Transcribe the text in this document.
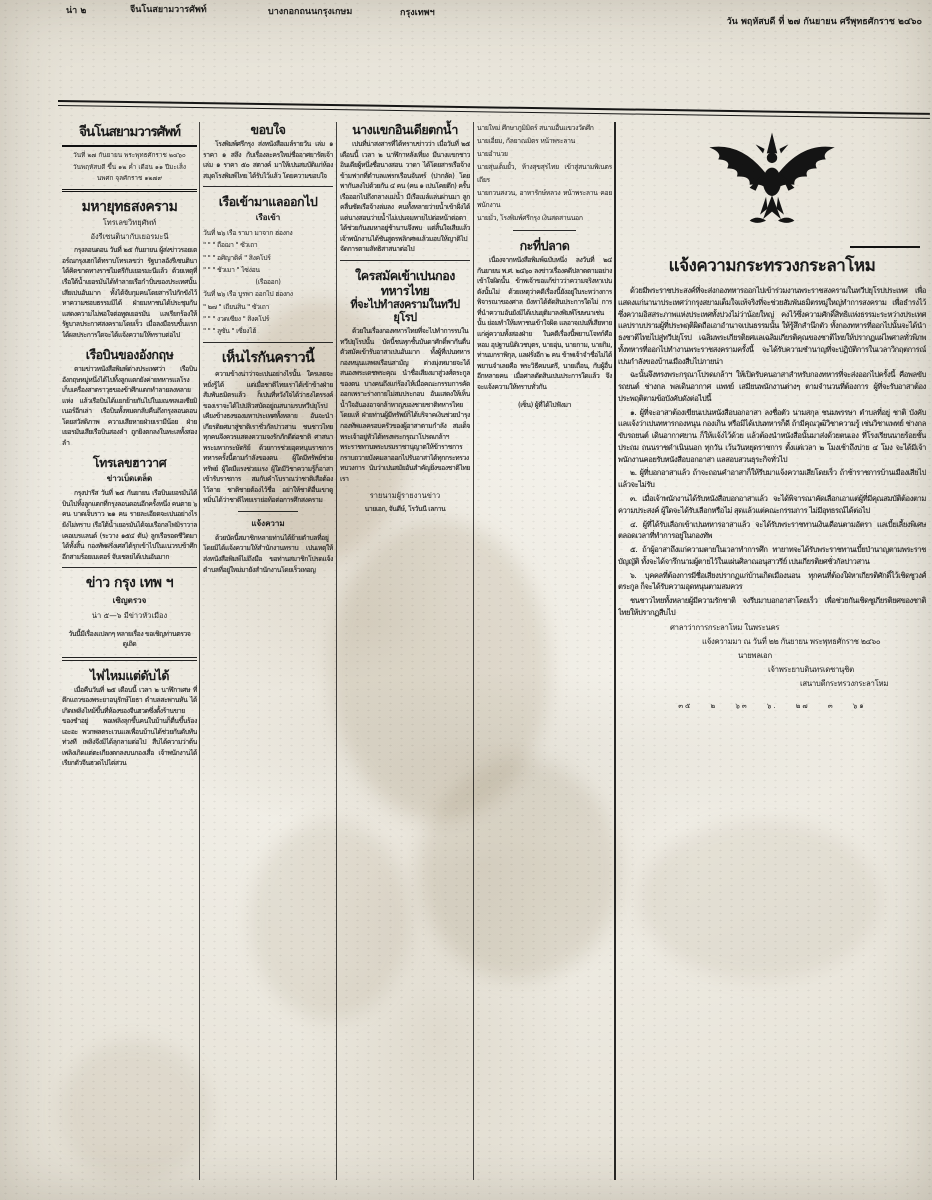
น่า ๒	จีนโนสยามวารศัพท์	บางกอกถนนกรุงเกษม	กรุงเทพฯ
วัน พฤหัสบดี ที่ ๒๗ กันยายน ศรีพุทธศักราช ๒๔๖๐
จีนโนสยามวารศัพท์
วันที่ ๒๗ กันยายน พระพุทธศักราช ๒๔๖๐
วันพฤหัสบดี ขึ้น ๑๒ ค่ำ เดือน ๑๑ ปีมะเส็ง
นพศก จุลศักราช ๑๒๗๙
มหายุทธสงคราม
โทรเลขวิทยุศัพท์
อังรีเซนตินากับเยอรมะนี

กรุงลอนดอน วันที่ ๒๕ กันยายน ผู้ส่งข่าวรอยเตอร์ณกรุงเฮกได้ทราบโทรเลขว่า รัฐบาลอังรีเซนตินาได้คิดขาดทางราชไมตรีกับเยอรมะนีแล้ว ด้วยเหตุที่เรือใต้น้ำเยอรมันได้ทำลายเรือกำปั่นของประเทศนั้นเสียเปนอันมาก ทั้งได้จับกุมคนโดยสารไปกักขังไว้หาความชอบธรรมมิได้ ฝ่ายมหาชนได้ประชุมกันแสดงความไม่พอใจต่อทูตเยอรมัน แลเรียกร้องให้รัฐบาลประกาศสงครามโดยเร็ว เมื่อลงมือรบขั้นแรกได้ผลประการใดจะได้แจ้งความให้ทราบต่อไป

เรือบินของอังกฤษ

ตามข่าวหนังสือพิมพ์ต่างประเทศว่า เรือบินอังกฤษหมู่หนึ่งได้ไปทิ้งลูกแตกยังค่ายทหารแลโรงเก็บเครื่องสาตราวุธของข้าศึกแตกทำลายลงหลายแห่ง แล้วเรือบินได้แยกย้ายกันไปในมณฑลเอเซียมิเนอร์อีกเล่า เรือบินทั้งหมดกลับคืนถึงกรุงลอนดอนโดยสวัสดิภาพ ความเสียหายฝ่ายเรามีน้อย ฝ่ายเยอรมันเสียเรือบินสองลำ ถูกยิงตกลงในทะเลทั้งสองลำ

โทรเลขฮาวาศ
ข่าวเบ็ดเตล็ด

กรุงปารีส วันที่ ๒๕ กันยายน เรือบินเยอรมันได้บินไปทิ้งลูกแตกที่กรุงลอนดอนอีกครั้งหนึ่ง คนตาย ๖ คน บาดเจ็บราว ๒๑ คน รายละเอียดจะเปนอย่างไรยังไม่ทราบ เรือใต้น้ำเยอรมันได้จมเรือกลไฟมิราวาลเคอเบรแลนด์ (ระวาง ๑๕๔ ตัน) ลูกเรือรอดชีวิตมาได้ทั้งสิ้น กองทัพฝรั่งเศสได้รุกเข้าไปในแนวรบข้าศึกอีกสามร้อยเมเตอร์ จับเชลยได้เปนอันมาก

ข่าว กรุง เทพ ฯ
เชิญตรวจ
น่า ๕—๖ มีข่าวหัวเมือง

วันนี้มีเรื่องแปลกๆ หลายเรื่อง ขอเชิญท่านตรวจดูเถิด

ไฟไหมแต่ดับได้

เมื่อคืนวันที่ ๒๕ เดือนนี้ เวลา ๒ นาฬิกาเศษ ที่ตึกแถวของพระยาอนุรักษ์โยธา ตำบลสะพานหัน ได้เกิดเพลิงไหม้ขึ้นที่ห้องของจีนฮวดซึ่งตั้งร้านขายของชำอยู่ พอเพลิงลุกขึ้นคนในบ้านก็ตื่นขึ้นร้องเอะอะ พวกพลตระเวนแลเพื่อนบ้านได้ช่วยกันดับทันท่วงที เพลิงจึงมิได้ลุกลามต่อไป สืบได้ความว่าต้นเพลิงเกิดแต่ตะเกียงตกลงบนกองเสื่อ เจ้าพนักงานได้เรียกตัวจีนฮวดไปไต่สวน

ขอบใจ

โรงพิมพ์ศรีกรุง ส่งหนังสือเมล์รายวัน เล่ม ๑ ราคา ๑ สลึง กับเรื่องละครใหม่ชื่ออาศยารัตเจ้า เล่ม ๑ ราคา ๕๐ สตางค์ มาให้เปนสมบัติแก่ห้องสมุดโรงพิมพ์ไทย ได้รับไว้แล้ว โดยความขอบใจ

เรือเข้ามาแลออกไป
เรือเข้า
วันที่ ๒๖ เรือ รามา มาจาก ฮ่องกง
" " " ถือฌา " ซัวเถา
" " " อศิญาติค์ " สิงคโปร์
" " " ชัวเมา " ไซ่ง่อน
(เรือออก)
วันที่ ๒๖ เรือ บูรพา ออกไป ฮ่องกง
" ๒๗ " เถียนสิน " ซัวเถา
" " " งวดเซียง " สิงคโปร์
" " " ลูซัน " เซี่ยงไฮ้
เห็นไรกันคราวนี้

ความข้างน่าว่าจะเปนอย่างไรนั้น ใครเลยจะหยั่งรู้ได้ แต่เมื่อชาติไทยเราได้เข้าข้างฝ่ายสัมพันธมิตรแล้ว ก็เปนที่หวังใจได้ว่าธงไตรรงค์ของเราจะได้ไปปลิวสบัดอยู่ณสนามรบทวีปยุโรป เคียงข้างธงของมหาประเทศทั้งหลาย อันจะนำเกียรติยศมาสู่ชาติเราชั่วกัลปาวสาน ชนชาวไทยทุกคนจึงควรแสดงความจงรักภักดีต่อชาติ ศาสนา พระมหากระษัตริย์ ด้วยการช่วยอุดหนุนราชการทหารครั้งนี้ตามกำลังของตน ผู้ใดมีทรัพย์ช่วยทรัพย์ ผู้ใดมีแรงช่วยแรง ผู้ใดมีวิชาความรู้ก็อาสาเข้ารับราชการ สมกับคำโบราณว่าชาติเสือต้องไว้ลาย ชาติชายต้องไว้ชื่อ อย่าให้ชาติอื่นเขาดูหมิ่นได้ว่าชาติไทยเราย่อท้อต่อการศึกสงคราม

แจ้งความ

ด้วยบัดนี้สมาชิกหลายท่านได้ย้ายตำบลที่อยู่ โดยมิได้แจ้งความให้สำนักงานทราบ เปนเหตุให้ส่งหนังสือพิมพ์ไม่ถึงมือ ขอท่านสมาชิกโปรดแจ้งตำบลที่อยู่ใหม่มายังสำนักงานโดยเร็วเทอญ

นางแขกอินเดียตกน้ำ

เปนที่น่าสงสารที่ได้ทราบข่าวว่า เมื่อวันที่ ๒๕ เดือนนี้ เวลา ๒ นาฬิกาหลังเที่ยง มีนางแขกชาวอินเดียผู้หนึ่งชื่อนางสอน วาดา ได้โดยสารเรือจ้างข้ามฟากที่ตำบลแพรกเรือนจันทร์ (ปากลัด) โดยพากันลงไปด้วยกัน ๔ คน (คน ๑ เปนโคยตึก) ครั้นเรือออกไปถึงกลางแม่น้ำ มีเรือเมล์แล่นผ่านมา ลูกคลื่นซัดเรือจ้างล่มลง คนทั้งหลายว่ายน้ำเข้าฝั่งได้ แต่นางสอนว่ายน้ำไม่เปนจมหายไปต่อหน้าต่อตา ได้ช่วยกันงมหาอยู่ช้านานจึงพบ แต่สิ้นใจเสียแล้ว เจ้าพนักงานได้ชันสูตรพลิกศพแล้วมอบให้ญาติไปจัดการตามลัทธิสาสนาต่อไป

ใครสมัคเข้าเปนกองทหารไทย
ที่จะไปทำสงครามในทวีปยุโรป

ด้วยในเรื่องกองทหารไทยที่จะไปทำการรบในทวีปยุโรปนั้น บัดนี้ชนทุกชั้นบันดาศักดิ์พากันตื่นตัวสมัคเข้ารับอาสาเปนอันมาก ทั้งผู้ที่เปนทหารกองหนุนแลพลเรือนสามัญ ต่างมุ่งหมายจะได้สนองพระเดชพระคุณ นำชื่อเสียงมาสู่วงศ์ตระกูลของตน บางคนถึงแก่ร้องไห้เมื่อคณะกรรมการคัดออกเพราะร่างกายไม่สมประกอบ อันแสดงให้เห็นน้ำใจอันองอาจกล้าหาญของชายชาติทหารไทยโดยแท้ ฝ่ายท่านผู้มีทรัพย์ก็ได้บริจาคเงินช่วยบำรุงกองทัพแลครอบครัวของผู้อาสาตามกำลัง สมเด็จพระเจ้าอยู่หัวได้ทรงพระกรุณาโปรดเกล้าฯ พระราชทานพระบรมราชานุญาตให้ข้าราชการกราบถวายบังคมลาออกไปรับอาสาได้ทุกกระทรวงทบวงการ นับว่าเปนสมัยอันสำคัญยิ่งของชาติไทยเรา

รายนามผู้รายงานข่าว
นายเอก, จันดีษ์, โรวันนี เลกาน
นายใหม่ ศึกษาภูมิมิตร์ สนามอื่นแขวงวัดศึก
นายเอี่ยม, กัลยาณมิตร หน้าพระลาน
นายอำนวย
นายสุ่นเต็มยั้ว, ห้างสุขสุรไทย เข้าสู่สนามพิเนตรเถียร
นายกวนสงวน, อาหารักษ์หลวง หน้าพระลาน คอยพนักงาน
นายมั่ว, โรงพิมพ์ศรีกรุง เงินสดสานนอก
กะที่ปลาด

เนื่องจากหนังสือพิมพ์ฉบับหนึ่ง ลงวันที่ ๒๔ กันยายน พ.ศ. ๒๔๖๐ ลงข่าวเรื่องคดีปลาดตามอย่างเข้าใจผิดนั้น ข้าพเจ้าขอแก้ข่าวว่าความจริงหาเปนดังนั้นไม่ ด้วยเหตุว่าคดีเรื่องนี้ยังอยู่ในระหว่างการพิจารณาของศาล ยังหาได้ตัดสินประการใดไม่ การที่นำความอันยังมิได้เปนยุติมาลงพิมพ์โฆษนาเช่นนั้น ย่อมทำให้มหาชนเข้าใจผิด แลอาจเปนที่เสียหายแก่คู่ความทั้งสองฝ่าย ในคดีเรื่องนี้พยานโจทก์คือ หอม อุปฐานนิติเวชบุตร, นายอุ่น, นายกาม, นายกิม, ท่านมกราพิกุล, แลฝรั่งอีก ๒ คน ข้าพเจ้าจำชื่อไม่ได้ พยานจำเลยคือ พระวิธีคมนตรี, นายเถื่อน, กับผู้อื่นอีกหลายคน เมื่อศาลตัดสินเปนประการใดแล้ว จึงจะแจ้งความให้ทราบทั่วกัน

(เซ็น) ผู้ที่ได้ไปฟังมา
แจ้งความกระทรวงกระลาโหม

ด้วยมีพระราชประสงค์ที่จะส่งกองทหารออกไปเข้าร่วมงานพระราชสงครามในทวีปยุโรปประเทศ เพื่อแสดงแก่นานาประเทศว่ากรุงสยามเต็มใจแท้จริงที่จะช่วยสัมพันธมิตรหมู่ใหญ่ทำการสงคราม เพื่อธำรงไว้ซึ่งความอิสสระภาพแห่งประเทศทั้งปวงไม่ว่าน้อยใหญ่ คงไว้ซึ่งความศักดิ์สิทธิแห่งธรรมะระหว่างประเทศ แลปราบปรามผู้ที่ประพฤติผิดถือเอาอำนาจเปนธรรมนั้น ให้รู้สึกสำนึกตัว ทั้งกองทหารที่ออกไปนั้นจะได้นำธงชาติไทยไปสู่ทวีปยุโรป เฉลิมพระเกียรติยศแลเฉลิมเกียรติคุณของชาติไทยให้ปรากฏแผ่ไพศาลทั่วพิภพ ทั้งทหารที่ออกไปทำงานพระราชสงครามครั้งนี้ จะได้รับความชำนาญที่จะปฏิบัติการในเวลาวิกฤตการณ์ เปนกำลังของบ้านเมืองสืบไปภายน่า

ฉะนั้นจึงทรงพระกรุณาโปรดเกล้าฯ ให้เปิดรับคนอาสาสำหรับกองทหารที่จะส่งออกไปครั้งนี้ คือพลขับรถยนต์ ช่างกล พลเดินอากาศ แพทย์ เสมียนพนักงานต่างๆ ตามจำนวนที่ต้องการ ผู้ที่จะรับอาสาต้องประพฤติตามข้อบังคับดังต่อไปนี้

๑. ผู้ที่จะอาสาต้องเขียนเปนหนังสือบอกอาสา ลงชื่อตัว นามสกุล ชนมพรรษา ตำบลที่อยู่ ชาติ บังคับ แลแจ้งว่าเปนทหารกองหนุน กองเกิน หรือมิได้เปนทหารก็ดี ถ้ามีคุณวุฒิวิชาความรู้ เช่นวิชาแพทย์ ช่างกล ขับรถยนต์ เดินอากาศยาน ก็ให้แจ้งไว้ด้วย แล้วต้องนำหนังสือนั้นมาส่งด้วยตนเอง ที่โรงเรียนนายร้อยชั้นประถม ถนนราชดำเนินนอก ทุกวัน เว้นวันหยุดราชการ ตั้งแต่เวลา ๒ โมงเช้าถึงบ่าย ๔ โมง จะได้มีเจ้าพนักงานคอยรับหนังสือบอกอาสา แลสอบสวนธุระกิจทั่วไป

๒. ผู้ที่บอกอาสาแล้ว ถ้าจะถอนคำอาสาก็ให้รีบมาแจ้งความเสียโดยเร็ว ถ้าช้าราชการบ้านเมืองเสียไปแล้วจะไม่รับ

๓. เมื่อเจ้าพนักงานได้รับหนังสือบอกอาสาแล้ว จะได้พิจารณาคัดเลือกเอาแต่ผู้ที่มีคุณสมบัติต้องตามความประสงค์ ผู้ใดจะได้รับเลือกหรือไม่ สุดแล้วแต่คณะกรรมการ ไม่มีอุทธรณ์ได้ต่อไป

๔. ผู้ที่ได้รับเลือกเข้าเปนทหารอาสาแล้ว จะได้รับพระราชทานเงินเดือนตามอัตรา แลเบี้ยเลี้ยงพิเศษตลอดเวลาที่ทำการอยู่ในกองทัพ

๕. ถ้าผู้อาสาถึงแก่ความตายในเวลาทำการศึก ทายาทจะได้รับพระราชทานเบี้ยบำนาญตามพระราชบัญญัติ ทั้งจะได้จารึกนามผู้ตายไว้ในแผ่นศิลาณอนุสาวรีย์ เปนเกียรติยศชั่วกัลปาวสาน

๖. บุคคลที่ต้องการมีชื่อเสียงปรากฏแก่บ้านเกิดเมืองนอน ทุกคนที่ต้องใฝ่หาเกียรติศักดิ์ไว้เชิดชูวงศ์ตระกูล ก็จะได้รับความอุดหนุนตามสมควร

ชนชาวไทยทั้งหลายผู้มีความรักชาติ จงรีบมาบอกอาสาโดยเร็ว เพื่อช่วยกันเชิดชูเกียรติยศของชาติไทยให้ปรากฏสืบไป

ศาลาว่าการกระลาโหม ในพระนคร
แจ้งความมา ณ วันที่ ๒๒ กันยายน พระพุทธศักราช ๒๔๖๐
นายพลเอก
เจ้าพระยาบดินทรเดชานุชิต
เสนาบดีกระทรวงกระลาโหม
๓๕ ๒ ๖๓ ๖. ๒๗ ๓ ๖๑
